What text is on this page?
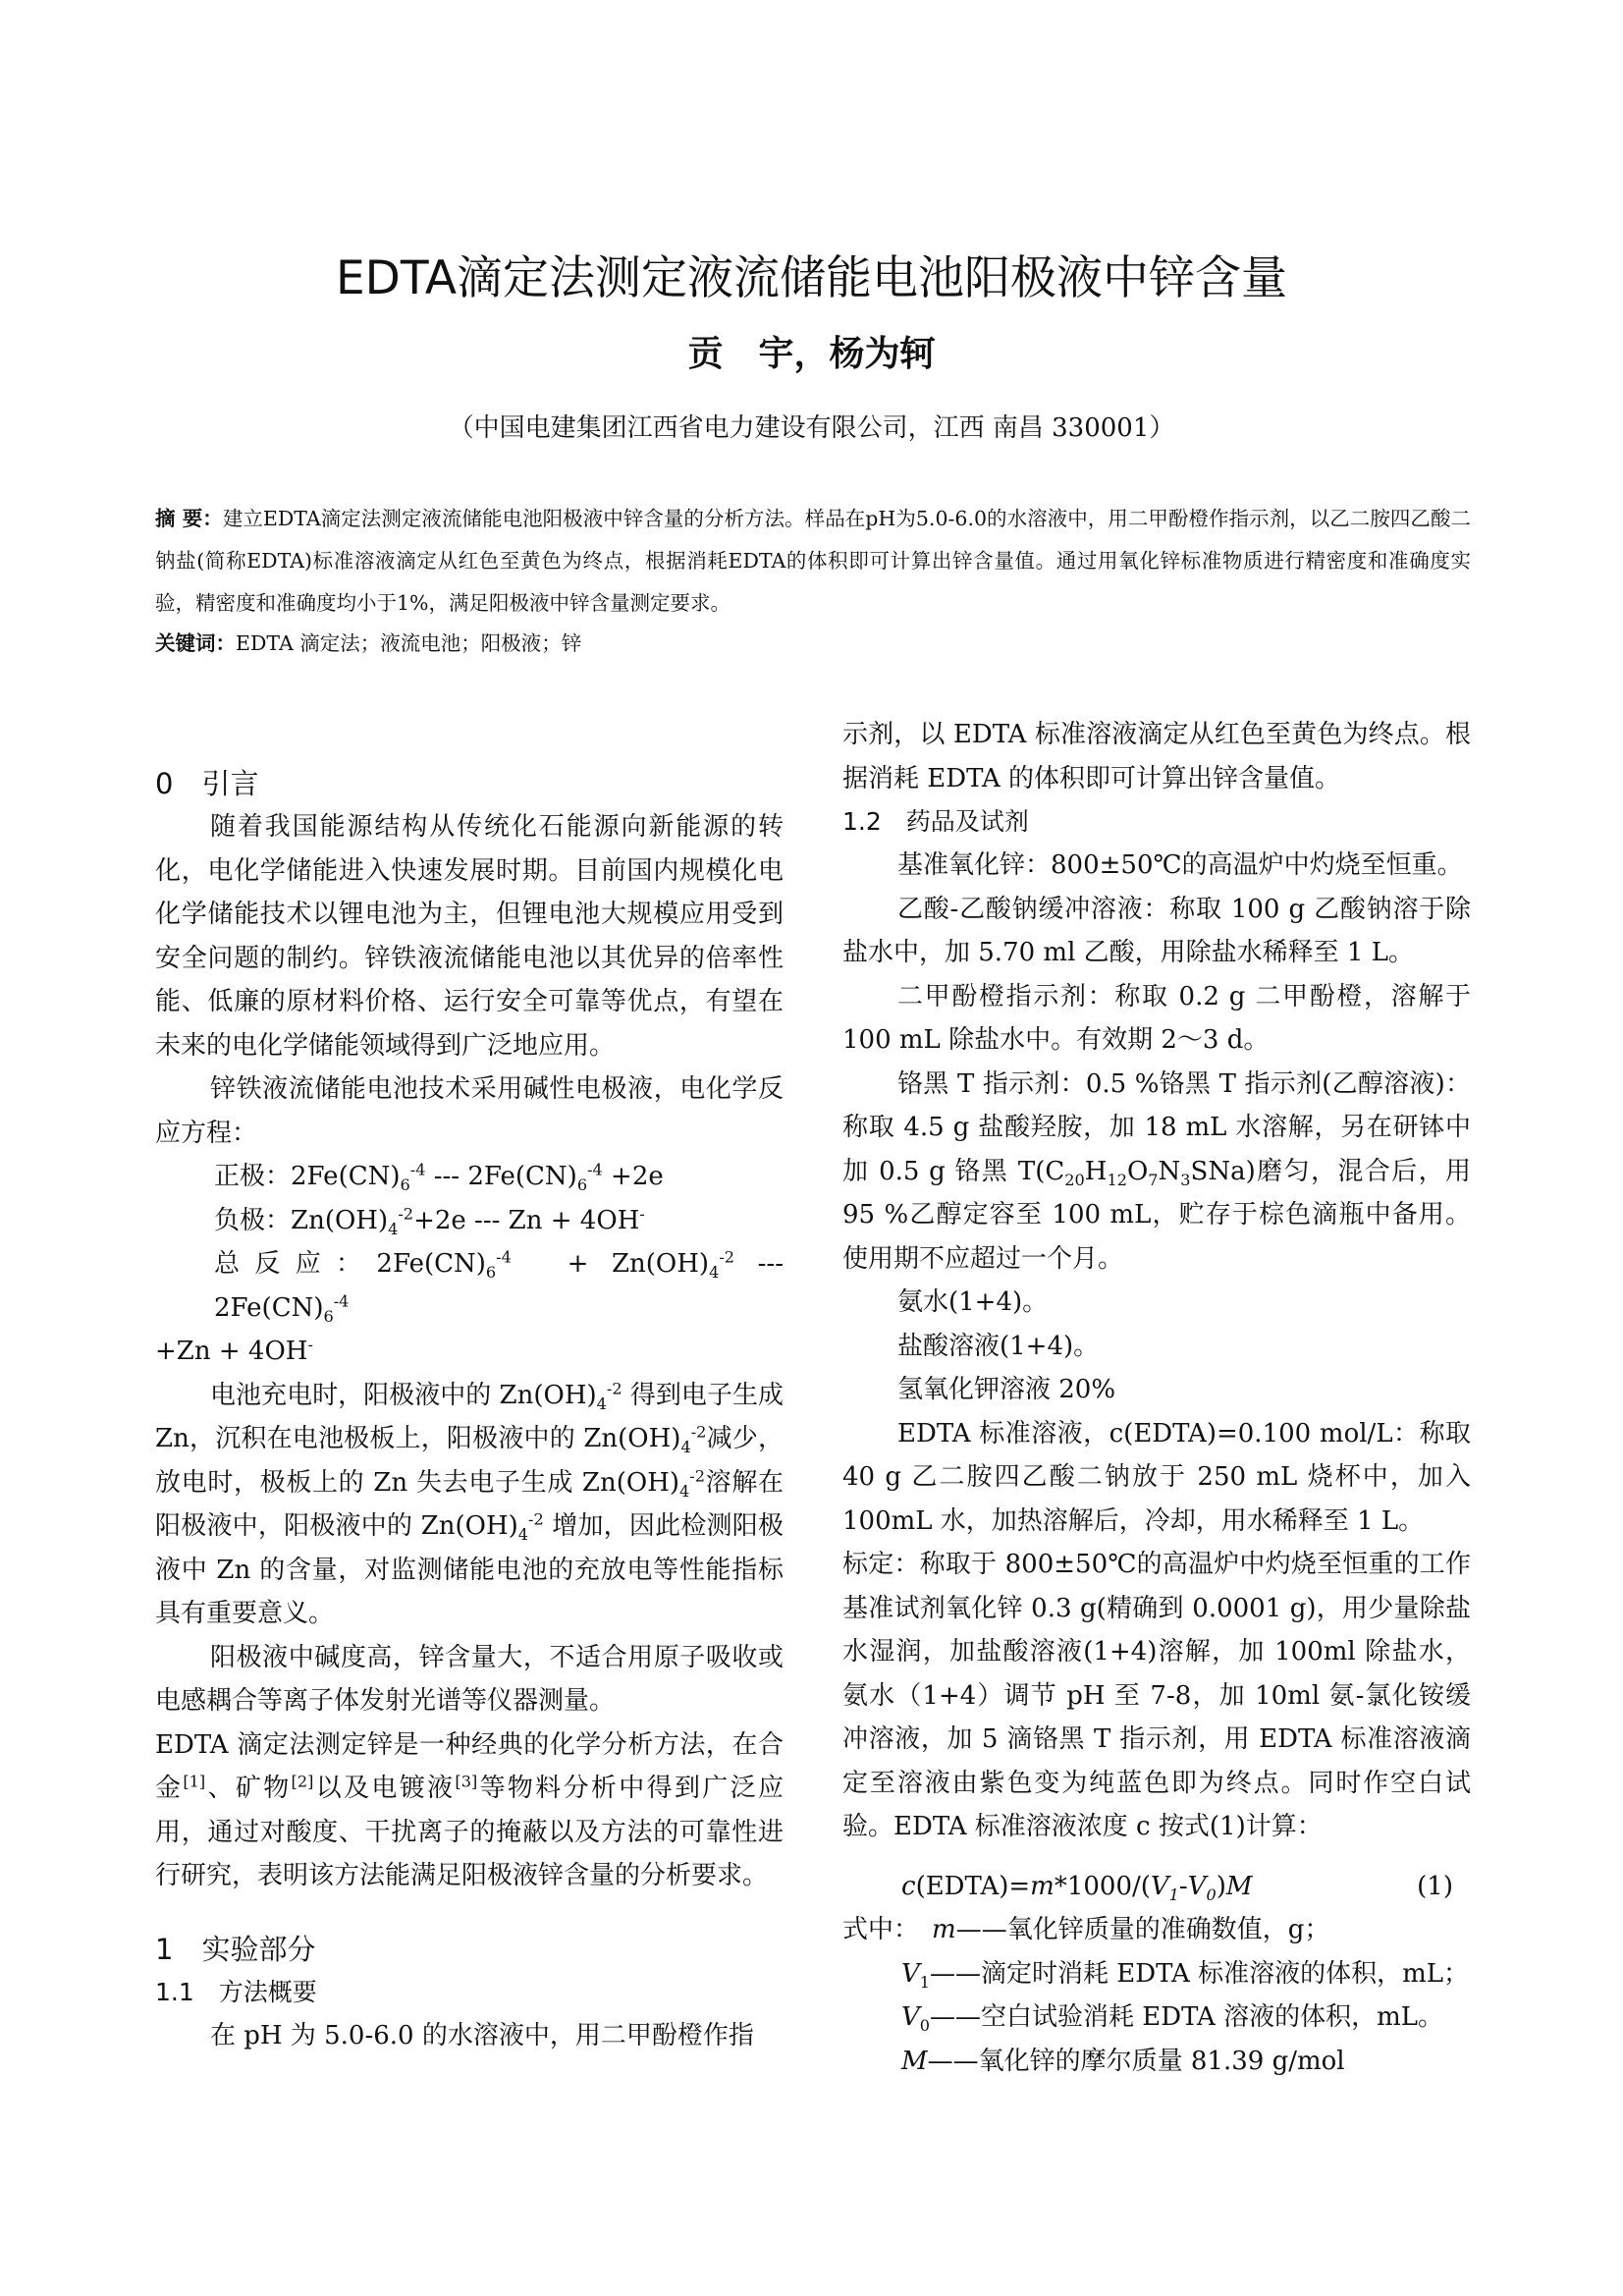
EDTA滴定法测定液流储能电池阳极液中锌含量
贡　宇，杨为轲
（中国电建集团江西省电力建设有限公司，江西 南昌 330001）

摘 要：建立EDTA滴定法测定液流储能电池阳极液中锌含量的分析方法。样品在pH为5.0-6.0的水溶液中，用二甲酚橙作指示剂，以乙二胺四乙酸二钠盐(简称EDTA)标准溶液滴定从红色至黄色为终点，根据消耗EDTA的体积即可计算出锌含量值。通过用氧化锌标准物质进行精密度和准确度实验，精密度和准确度均小于1%，满足阳极液中锌含量测定要求。

关键词：EDTA 滴定法；液流电池；阳极液；锌

0　引言

随着我国能源结构从传统化石能源向新能源的转化，电化学储能进入快速发展时期。目前国内规模化电化学储能技术以锂电池为主，但锂电池大规模应用受到安全问题的制约。锌铁液流储能电池以其优异的倍率性能、低廉的原材料价格、运行安全可靠等优点，有望在未来的电化学储能领域得到广泛地应用。

锌铁液流储能电池技术采用碱性电极液，电化学反应方程：

正极：$2Fe(CN)_6^{-4}$ --- $2Fe(CN)_6^{-4} +2e$

负极：$Zn(OH)_4^{-2}+2e$ --- Zn + 4OH-

总反应：$2Fe(CN)_6^{-4}$　+ $Zn(OH)_4^{-2}$ --- $2Fe(CN)_6^{-4}$

+Zn + 4OH-

电池充电时，阳极液中的 $Zn(OH)_4^{-2}$ 得到电子生成 Zn，沉积在电池极板上，阳极液中的 $Zn(OH)_4^{-2}$减少，放电时，极板上的 Zn 失去电子生成 $Zn(OH)_4^{-2}$溶解在阳极液中，阳极液中的 $Zn(OH)_4^{-2}$ 增加，因此检测阳极液中 Zn 的含量，对监测储能电池的充放电等性能指标具有重要意义。

阳极液中碱度高，锌含量大，不适合用原子吸收或电感耦合等离子体发射光谱等仪器测量。

EDTA 滴定法测定锌是一种经典的化学分析方法，在合金[1]、矿物[2]以及电镀液[3]等物料分析中得到广泛应用，通过对酸度、干扰离子的掩蔽以及方法的可靠性进行研究，表明该方法能满足阳极液锌含量的分析要求。

1　实验部分
1.1　方法概要

在 pH 为 5.0-6.0 的水溶液中，用二甲酚橙作指

示剂，以 EDTA 标准溶液滴定从红色至黄色为终点。根据消耗 EDTA 的体积即可计算出锌含量值。

1.2　药品及试剂

基准氧化锌：800±50℃的高温炉中灼烧至恒重。

乙酸-乙酸钠缓冲溶液：称取 100 g 乙酸钠溶于除盐水中，加 5.70 ml 乙酸，用除盐水稀释至 1 L。

二甲酚橙指示剂：称取 0.2 g 二甲酚橙，溶解于 100 mL 除盐水中。有效期 2～3 d。

铬黑 T 指示剂：0.5 %铬黑 T 指示剂(乙醇溶液)：称取 4.5 g 盐酸羟胺，加 18 mL 水溶解，另在研钵中加 0.5 g 铬黑 $T(C_{20}H_{12}O_7N_3SNa)$磨匀，混合后，用 95 %乙醇定容至 100 mL，贮存于棕色滴瓶中备用。使用期不应超过一个月。

氨水(1+4)。

盐酸溶液(1+4)。

氢氧化钾溶液 20%

EDTA 标准溶液，c(EDTA)=0.100 mol/L：称取 40 g 乙二胺四乙酸二钠放于 250 mL 烧杯中，加入 100mL 水，加热溶解后，冷却，用水稀释至 1 L。

标定：称取于 800±50℃的高温炉中灼烧至恒重的工作基准试剂氧化锌 0.3 g(精确到 0.0001 g)，用少量除盐水湿润，加盐酸溶液(1+4)溶解，加 100ml 除盐水，氨水（1+4）调节 pH 至 7-8，加 10ml 氨-氯化铵缓冲溶液，加 5 滴铬黑 T 指示剂，用 EDTA 标准溶液滴定至溶液由紫色变为纯蓝色即为终点。同时作空白试验。EDTA 标准溶液浓度 c 按式(1)计算：

$c(EDTA)=m*1000/(V_1-V_0)M$	(1)

式中：　 m——氧化锌质量的准确数值，g；

$V_1——$滴定时消耗 EDTA 标准溶液的体积，mL；

$V_0——$空白试验消耗 EDTA 溶液的体积，mL。

M——氧化锌的摩尔质量 81.39 g/mol
